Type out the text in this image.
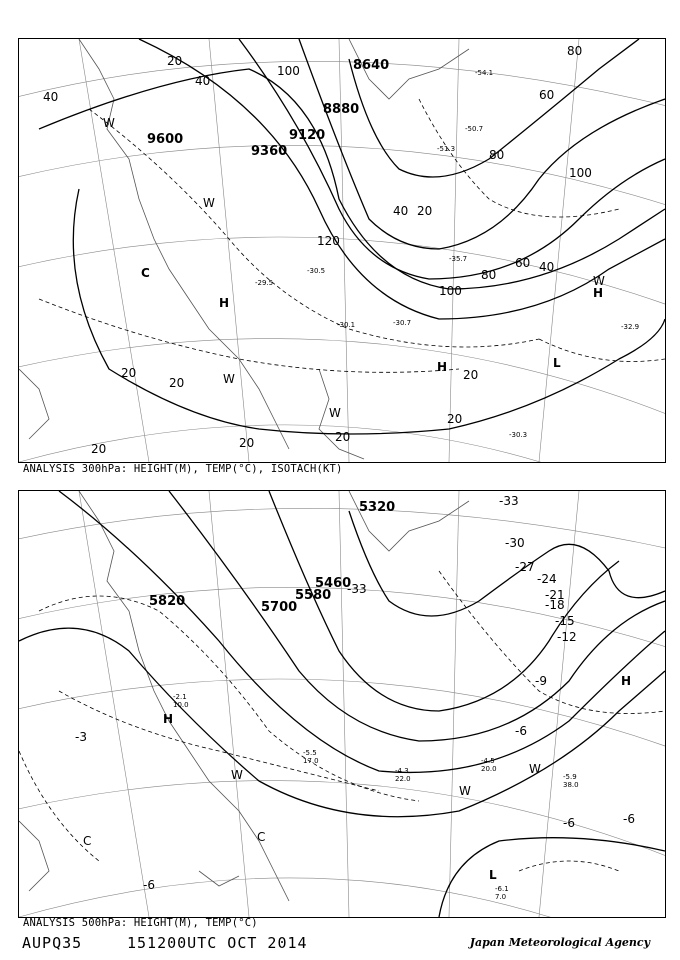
9600
9360
9120
8880
8640
20
40
100
80
60
80
100
40 20
120
80
60 40
100
40
20
20
20
20
20
20
20
H
H
H
L
C
W
W
W
W
W
-29.5
-30.5
-30.7
-30.1	-32.9
-51.3
-50.7
-54.1
-30.3
-35.7
ANALYSIS 300hPa: HEIGHT(M), TEMP(°C), ISOTACH(KT)
5820	5700
5580
5460
5320
-3	-6
-9
-12
-15
-18
-21
-24
-27
-30
-33
-6	-6
-6
-33
H
H
L
C	C
W
W
W
-2.1
10.0
-5.5
17.0
-4.3
22.0
-4.5
20.0
-6.1
7.0
-5.9
38.0
ANALYSIS 500hPa: HEIGHT(M), TEMP(°C)
AUPQ35	151200UTC OCT 2014	Japan Meteorological Agency
